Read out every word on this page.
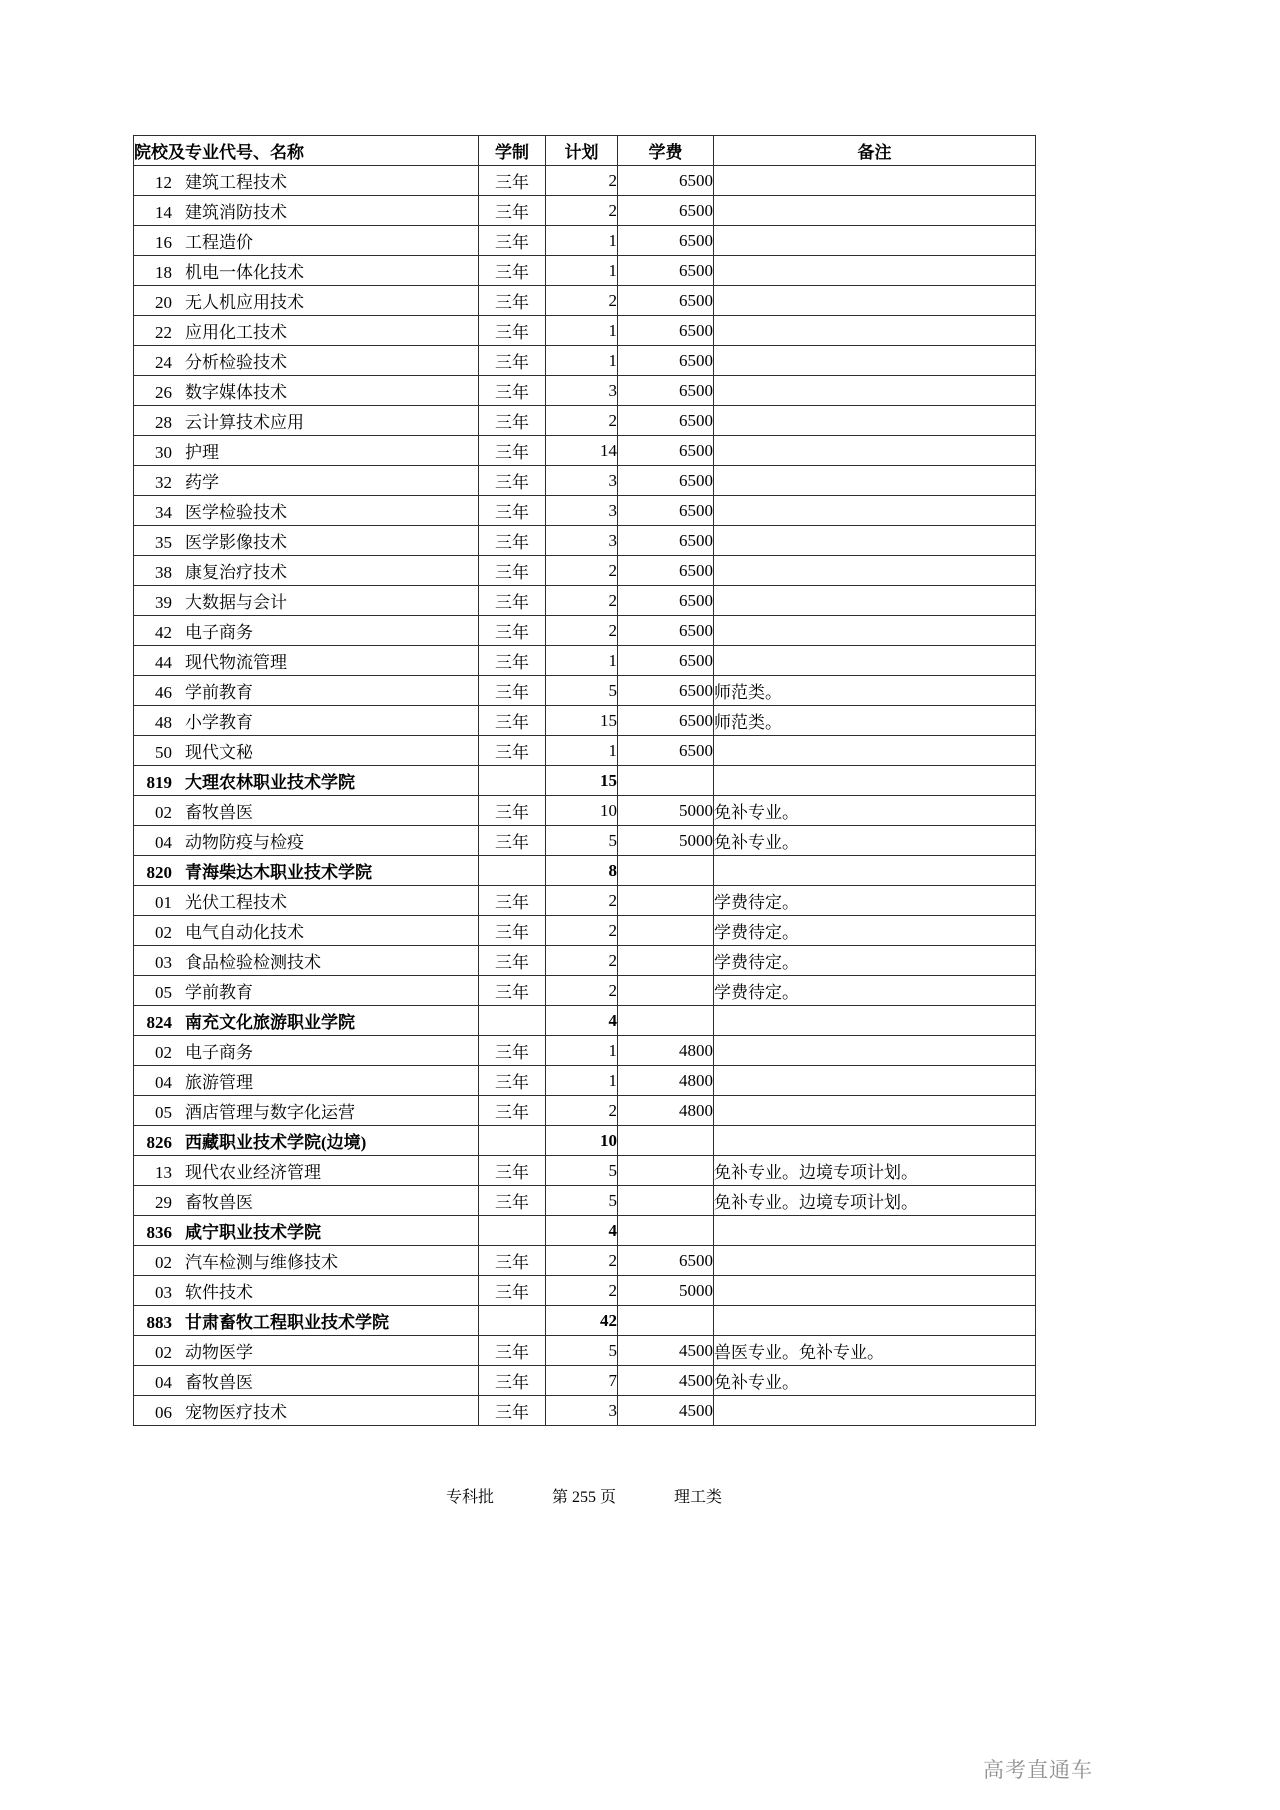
院校及专业代号、名称	学制	计划	学费	备注
12 建筑工程技术	三年	2	6500	
14 建筑消防技术	三年	2	6500	
16 工程造价	三年	1	6500	
18 机电一体化技术	三年	1	6500	
20 无人机应用技术	三年	2	6500	
22 应用化工技术	三年	1	6500	
24 分析检验技术	三年	1	6500	
26 数字媒体技术	三年	3	6500	
28 云计算技术应用	三年	2	6500	
30 护理	三年	14	6500	
32 药学	三年	3	6500	
34 医学检验技术	三年	3	6500	
35 医学影像技术	三年	3	6500	
38 康复治疗技术	三年	2	6500	
39 大数据与会计	三年	2	6500	
42 电子商务	三年	2	6500	
44 现代物流管理	三年	1	6500	
46 学前教育	三年	5	6500	师范类。
48 小学教育	三年	15	6500	师范类。
50 现代文秘	三年	1	6500	
819 大理农林职业技术学院		15		
02 畜牧兽医	三年	10	5000	免补专业。
04 动物防疫与检疫	三年	5	5000	免补专业。
820 青海柴达木职业技术学院		8		
01 光伏工程技术	三年	2		学费待定。
02 电气自动化技术	三年	2		学费待定。
03 食品检验检测技术	三年	2		学费待定。
05 学前教育	三年	2		学费待定。
824 南充文化旅游职业学院		4		
02 电子商务	三年	1	4800	
04 旅游管理	三年	1	4800	
05 酒店管理与数字化运营	三年	2	4800	
826 西藏职业技术学院(边境)		10		
13 现代农业经济管理	三年	5		免补专业。边境专项计划。
29 畜牧兽医	三年	5		免补专业。边境专项计划。
836 咸宁职业技术学院		4		
02 汽车检测与维修技术	三年	2	6500	
03 软件技术	三年	2	5000	
883 甘肃畜牧工程职业技术学院		42		
02 动物医学	三年	5	4500	兽医专业。免补专业。
04 畜牧兽医	三年	7	4500	免补专业。
06 宠物医疗技术	三年	3	4500	
专科批	第 255 页	理工类
高考直通车
